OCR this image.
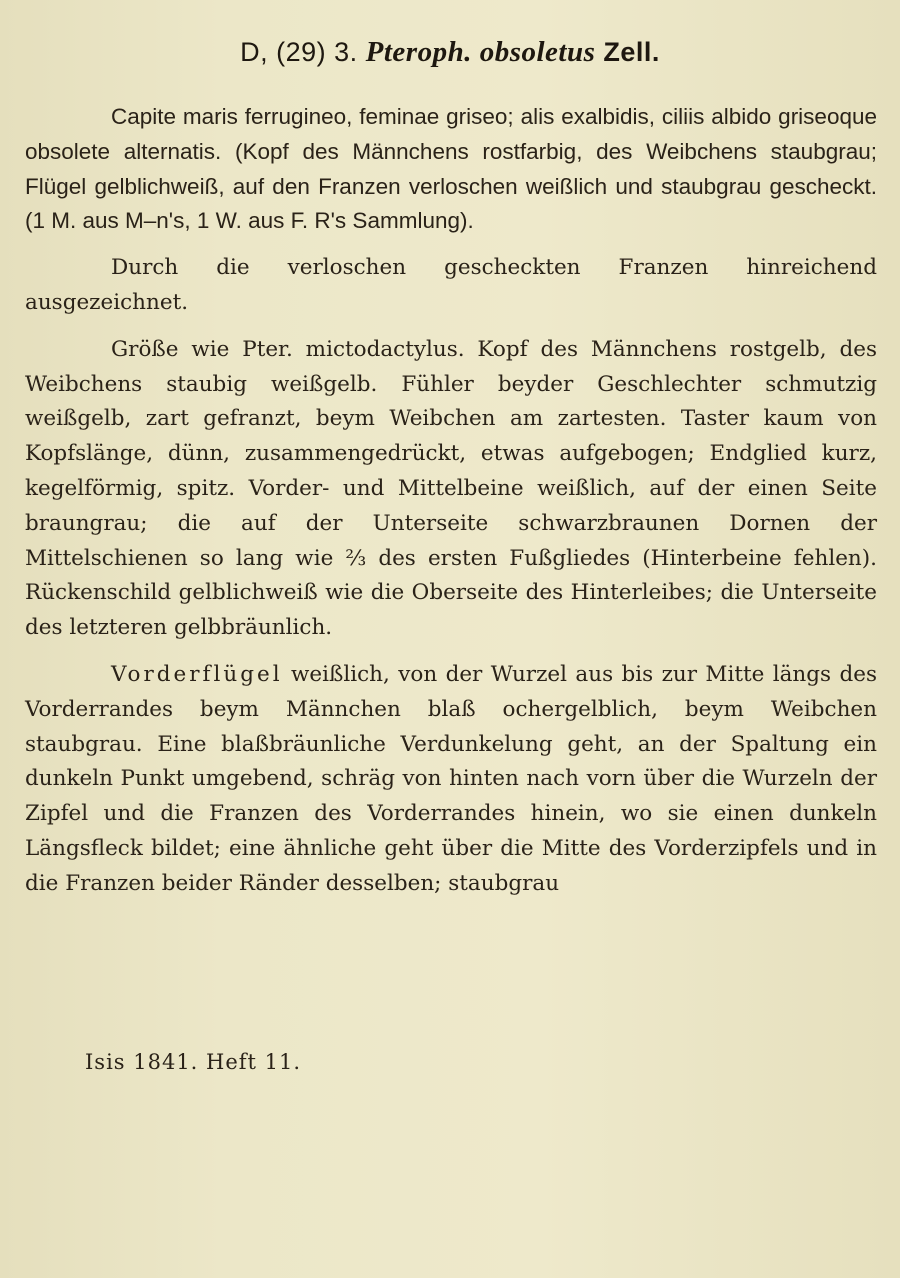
D, (29) 3. Pteroph. obsoletus Zell.

Capite maris ferrugineo, feminae griseo; alis exalbidis, ciliis albido griseoque obsolete alternatis. (Kopf des Männchens rostfarbig, des Weibchens staubgrau; Flügel gelblichweiß, auf den Franzen verloschen weißlich und staubgrau gescheckt. (1 M. aus M–n's, 1 W. aus F. R's Sammlung).

Durch die verloschen gescheckten Franzen hinreichend ausgezeichnet.

Größe wie Pter. mictodactylus. Kopf des Männchens rostgelb, des Weibchens staubig weißgelb. Fühler beyder Geschlechter schmutzig weißgelb, zart gefranzt, beym Weibchen am zartesten. Taster kaum von Kopfslänge, dünn, zusammengedrückt, etwas aufgebogen; Endglied kurz, kegelförmig, spitz. Vorder- und Mittelbeine weißlich, auf der einen Seite braungrau; die auf der Unterseite schwarzbraunen Dornen der Mittelschienen so lang wie ⅔ des ersten Fußgliedes (Hinterbeine fehlen). Rückenschild gelblichweiß wie die Oberseite des Hinterleibes; die Unterseite des letzteren gelbbräunlich.

Vorderflügel weißlich, von der Wurzel aus bis zur Mitte längs des Vorderrandes beym Männchen blaß ochergelblich, beym Weibchen staubgrau. Eine blaßbräunliche Verdunkelung geht, an der Spaltung ein dunkeln Punkt umgebend, schräg von hinten nach vorn über die Wurzeln der Zipfel und die Franzen des Vorderrandes hinein, wo sie einen dunkeln Längsfleck bildet; eine ähnliche geht über die Mitte des Vorderzipfels und in die Franzen beider Ränder desselben; staubgrau

Isis 1841. Heft 11.
